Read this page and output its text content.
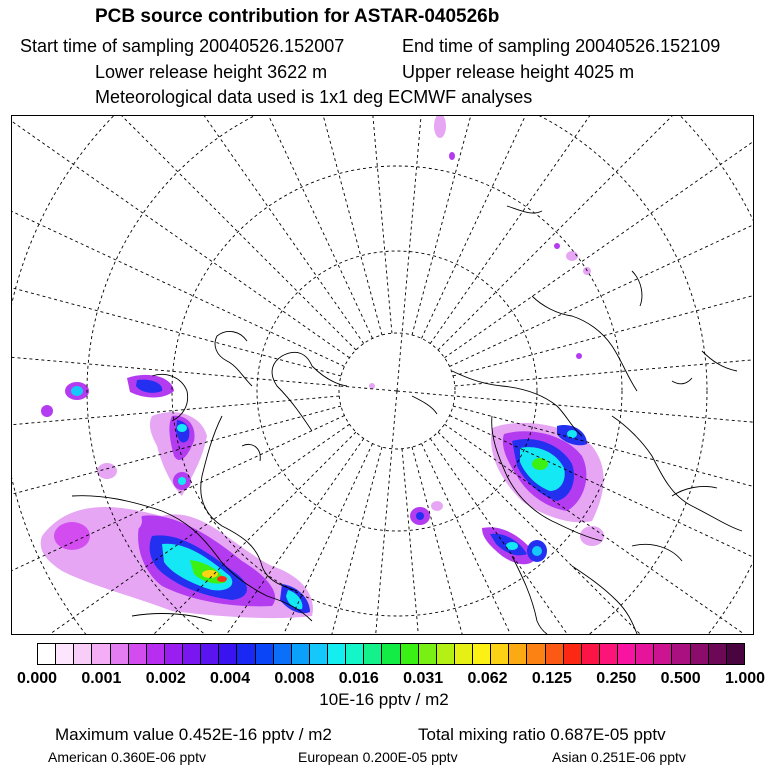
PCB source contribution for ASTAR-040526b
Start time of sampling 20040526.152007	End time of sampling 20040526.152109
Lower release height 3622 m	Upper release height 4025 m
Meteorological data used is 1x1 deg ECMWF analyses
0.000 0.001 0.002 0.004 0.008 0.016 0.031 0.062 0.125 0.250 0.500 1.000
10E-16 pptv / m2
Maximum value 0.452E-16 pptv / m2	Total mixing ratio 0.687E-05 pptv
American 0.360E-06 pptv	European 0.200E-05 pptv	Asian 0.251E-06 pptv
